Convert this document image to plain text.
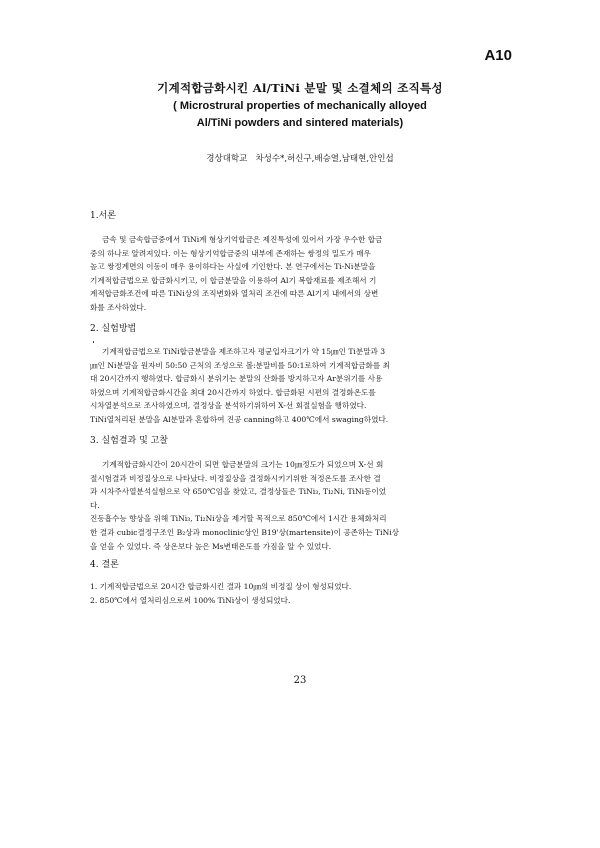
A10
기계적합금화시킨 Al/TiNi 분말 및 소결체의 조직특성
( Microstrural properties of mechanically alloyed
Al/TiNi powders and sintered materials)
경상대학교   차성수*,허신구,배승열,남태현,안인섭
1.서론

금속 및 금속합금중에서 TiNi계 형상기억합금은 제진특성에 있어서 가장 우수한 합금

중의 하나로 알려져있다. 이는 형상기억합금중의 내부에 존재하는 쌍정의 밀도가 매우

높고 쌍정계면의 이동이 매우 용이하다는 사실에 기인한다. 본 연구에서는 Ti-Ni분말을

기계적합금법으로 합금화시키고, 이 합금분말을 이용하여 Al기 복합재료를 제조해서 기

계적합금화조건에 따른 TiNi상의 조직변화와 열처리 조건에 따른 Al기지 내에서의 상변

화를 조사하였다.

2. 실험방법

기계적합금법으로 TiNi합금분말을 제조하고자 평균입자크기가 약 15㎛인 Ti분말과 3

㎛인 Ni분말을 원자비 50:50 근처의 조성으로 볼:분말비를 50:1로하여 기계적합금화를 최

대 20시간까지 행하였다. 합금화시 분위기는 분말의 산화를 방지하고자 Ar분위기를 사용

하였으며 기계적합금화시간을 최대 20시간까지 하였다. 합금화된 시편의 결정화온도를

시차열분석으로 조사하였으며, 결정상을 분석하기위하여 X-선 회절실험을 행하였다.

TiNi열처리된 분말을 Al분말과 혼합하여 진공 canning하고 400℃에서 swaging하였다.

3. 실험결과 및 고찰

기계적합금화시간이 20시간이 되면 합금분말의 크기는 10㎛정도가 되었으며 X-선 회

절시험결과 비정질상으로 나타났다. 비정질상을 결정화시키기위한 적정온도를 조사한 결

과 시차주사열분석실험으로 약 650℃임을 찾았고, 결정상들은 TiNi₃, Ti₂Ni, TiNi등이었

다.

진동흡수능 향상을 위해 TiNi₃, Ti₂Ni상을 제거할 목적으로 850℃에서 1시간 용체화처리

한 결과 cubic결정구조인 B₂상과 monoclinic상인 B19'상(martensite)이 공존하는 TiNi상

을 얻을 수 있었다. 즉 상온보다 높은 Ms변태온도를 가짐을 알 수 있었다.

4. 결론

1. 기계적합금법으로 20시간 합금화시킨 결과 10㎛의 비정질 상이 형성되었다.

2. 850℃에서 열처리심으로써 100% TiNi상이 생성되었다.

23
